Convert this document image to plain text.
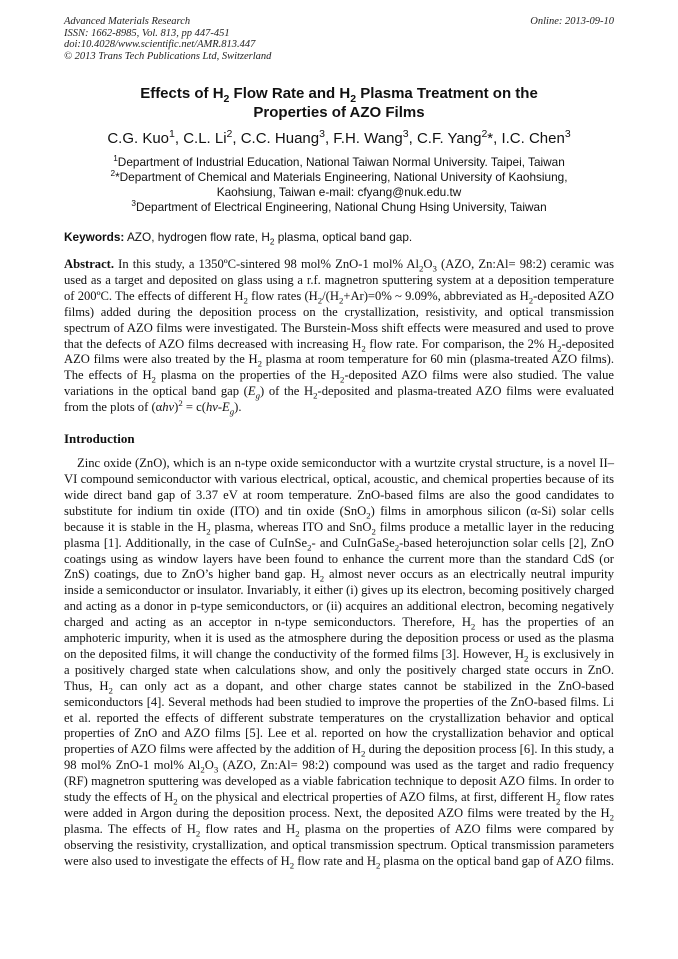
Advanced Materials Research
ISSN: 1662-8985, Vol. 813, pp 447-451
doi:10.4028/www.scientific.net/AMR.813.447
© 2013 Trans Tech Publications Ltd, Switzerland
Online: 2013-09-10
Effects of $H_2$ Flow Rate and $H_2$ Plasma Treatment on the
Properties of AZO Films
C.G. Kuo$^1$, C.L. Li$^2$, C.C. Huang$^3$, F.H. Wang$^3$, C.F. Yang$^2$*, I.C. Chen$^3$
$^1$Department of Industrial Education, National Taiwan Normal University. Taipei, Taiwan
$^2$*Department of Chemical and Materials Engineering, National University of Kaohsiung,
Kaohsiung, Taiwan e-mail: cfyang@nuk.edu.tw
$^3$Department of Electrical Engineering, National Chung Hsing University, Taiwan
Keywords: AZO, hydrogen flow rate, $H_2$ plasma, optical band gap.
Abstract. In this study, a 1350ºC-sintered 98 mol% ZnO-1 mol% $Al_2O_3$ (AZO, Zn:Al= 98:2) ceramic was used as a target and deposited on glass using a r.f. magnetron sputtering system at a deposition temperature of 200ºC. The effects of different $H_2$ flow rates ($H_2/(H_2+Ar)=0\%$ ~ 9.09%, abbreviated as $H_2$-deposited AZO films) added during the deposition process on the crystallization, resistivity, and optical transmission spectrum of AZO films were investigated. The Burstein-Moss shift effects were measured and used to prove that the defects of AZO films decreased with increasing $H_2$ flow rate. For comparison, the 2% $H_2$-deposited AZO films were also treated by the $H_2$ plasma at room temperature for 60 min (plasma-treated AZO films). The effects of $H_2$ plasma on the properties of the $H_2$-deposited AZO films were also studied. The value variations in the optical band gap $(E_g)$ of the $H_2$-deposited and plasma-treated AZO films were evaluated from the plots of $(\alpha hv)^2 = c(hv-E_g)$.
Introduction
Zinc oxide (ZnO), which is an n-type oxide semiconductor with a wurtzite crystal structure, is a novel II–VI compound semiconductor with various electrical, optical, acoustic, and chemical properties because of its wide direct band gap of 3.37 eV at room temperature. ZnO-based films are also the good candidates to substitute for indium tin oxide (ITO) and tin oxide (SnO$_2$) films in amorphous silicon (α-Si) solar cells because it is stable in the $H_2$ plasma, whereas ITO and SnO$_2$ films produce a metallic layer in the reducing plasma [1]. Additionally, in the case of CuInSe$_2$- and CuInGaSe$_2$-based heterojunction solar cells [2], ZnO coatings using as window layers have been found to enhance the current more than the standard CdS (or ZnS) coatings, due to ZnO’s higher band gap. $H_2$ almost never occurs as an electrically neutral impurity inside a semiconductor or insulator. Invariably, it either (i) gives up its electron, becoming positively charged and acting as a donor in p-type semiconductors, or (ii) acquires an additional electron, becoming negatively charged and acting as an acceptor in n-type semiconductors. Therefore, $H_2$ has the properties of an amphoteric impurity, when it is used as the atmosphere during the deposition process or used as the plasma on the deposited films, it will change the conductivity of the formed films [3]. However, $H_2$ is exclusively in a positively charged state when calculations show, and only the positively charged state occurs in ZnO. Thus, $H_2$ can only act as a dopant, and other charge states cannot be stabilized in the ZnO-based semiconductors [4]. Several methods had been studied to improve the properties of the ZnO-based films. Li et al. reported the effects of different substrate temperatures on the crystallization behavior and optical properties of ZnO and AZO films [5]. Lee et al. reported on how the crystallization behavior and optical properties of AZO films were affected by the addition of $H_2$ during the deposition process [6]. In this study, a 98 mol% ZnO-1 mol% $Al_2O_3$ (AZO, Zn:Al= 98:2) compound was used as the target and radio frequency (RF) magnetron sputtering was developed as a viable fabrication technique to deposit AZO films. In order to study the effects of $H_2$ on the physical and electrical properties of AZO films, at first, different $H_2$ flow rates were added in Argon during the deposition process. Next, the deposited AZO films were treated by the $H_2$ plasma. The effects of $H_2$ flow rates and $H_2$ plasma on the properties of AZO films were compared by observing the resistivity, crystallization, and optical transmission spectrum. Optical transmission parameters were also used to investigate the effects of $H_2$ flow rate and $H_2$ plasma on the optical band gap of AZO films.
